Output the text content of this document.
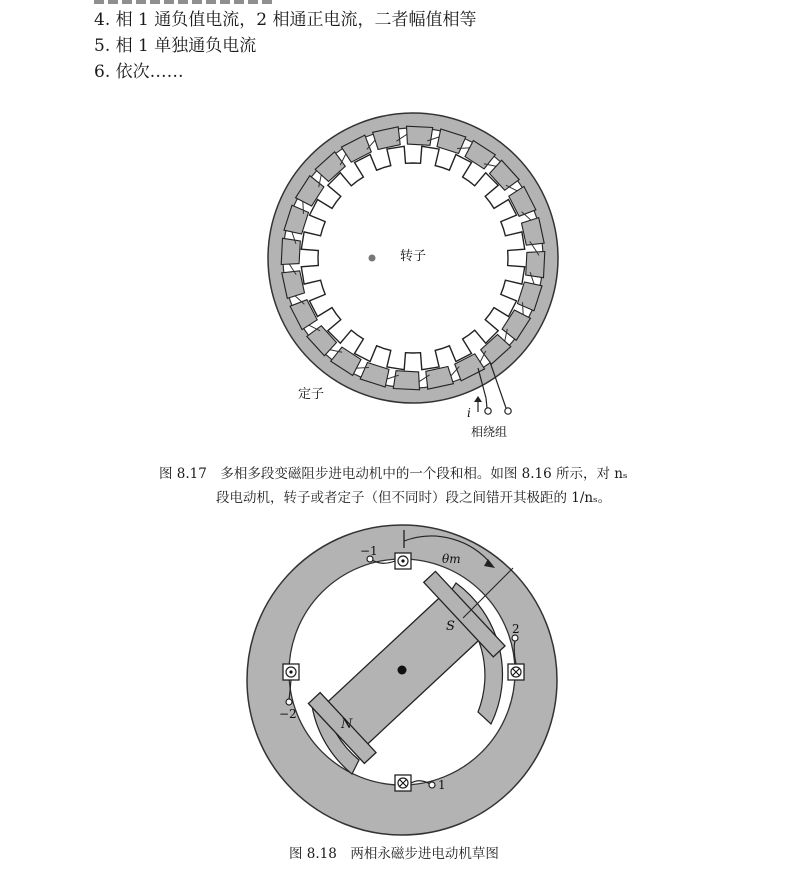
4. 相 1 通负值电流，2 相通正电流，二者幅值相等
5. 相 1 单独通负电流
6. 依次……
转子
定子
i
相绕组
图 8.17　多相多段变磁阻步进电动机中的一个段和相。如图 8.16 所示，对 nₛ
段电动机，转子或者定子（但不同时）段之间错开其极距的 1/nₛ。
−1
θm
S	2
−2
N
1
图 8.18　两相永磁步进电动机草图
